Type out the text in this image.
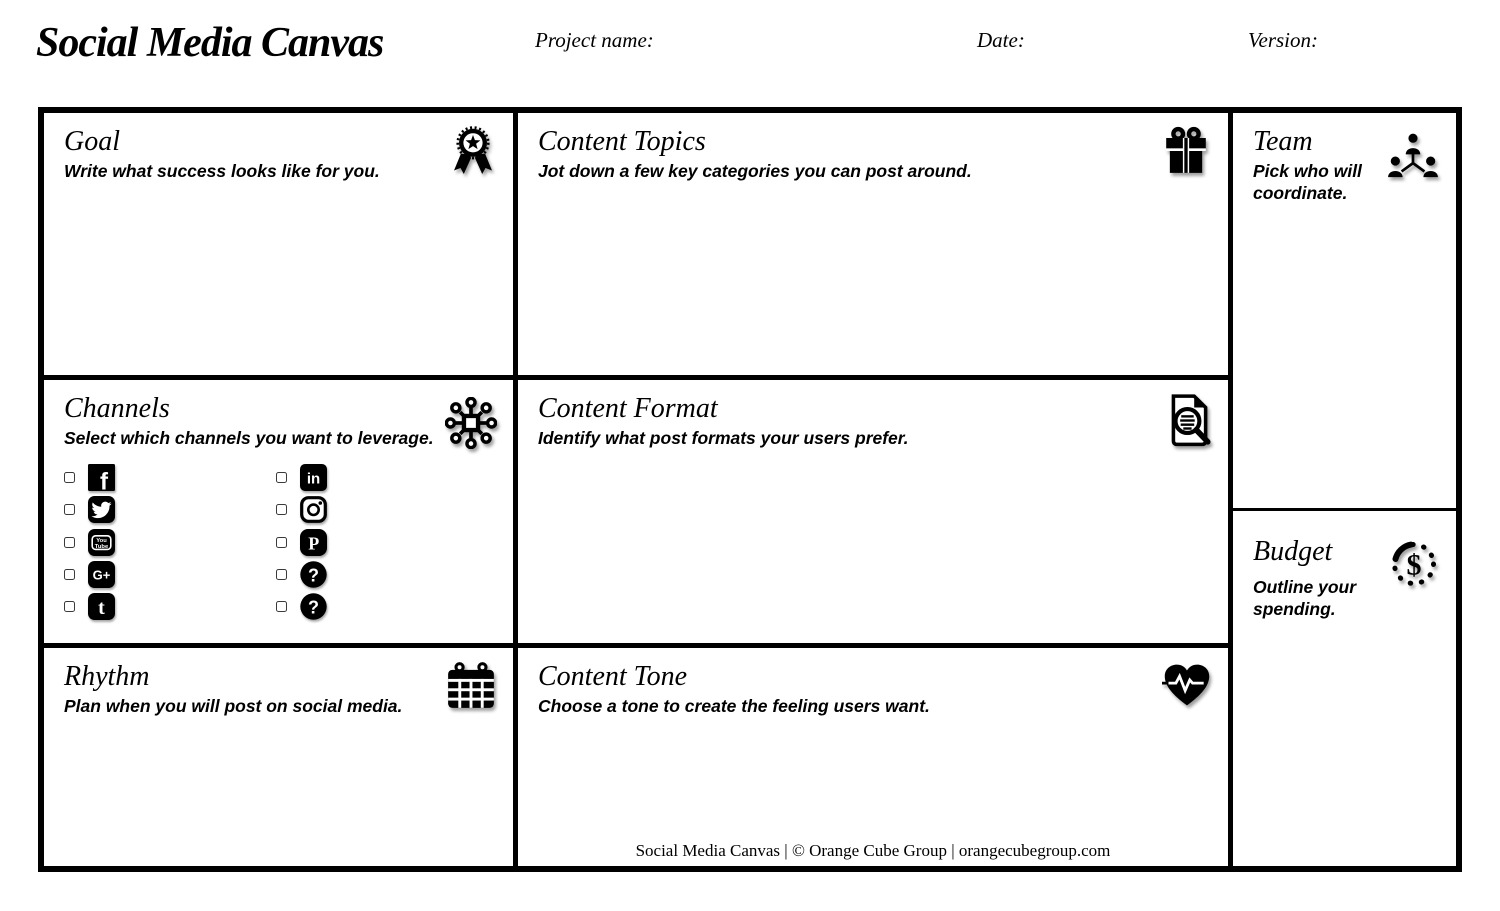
Social Media Canvas	Project name:	Date:	Version:
Goal

Write what success looks like for you.

Channels

Select which channels you want to leverage.

f
You
Tube
G+
t
in
P
?
?
Rhythm

Plan when you will post on social media.

Content Topics

Jot down a few key categories you can post around.

Content Format

Identify what post formats your users prefer.

Content Tone

Choose a tone to create the feeling users want.

Social Media Canvas | © Orange Cube Group | orangecubegroup.com
Team

Pick who will coordinate.

Budget

Outline your spending.

$
